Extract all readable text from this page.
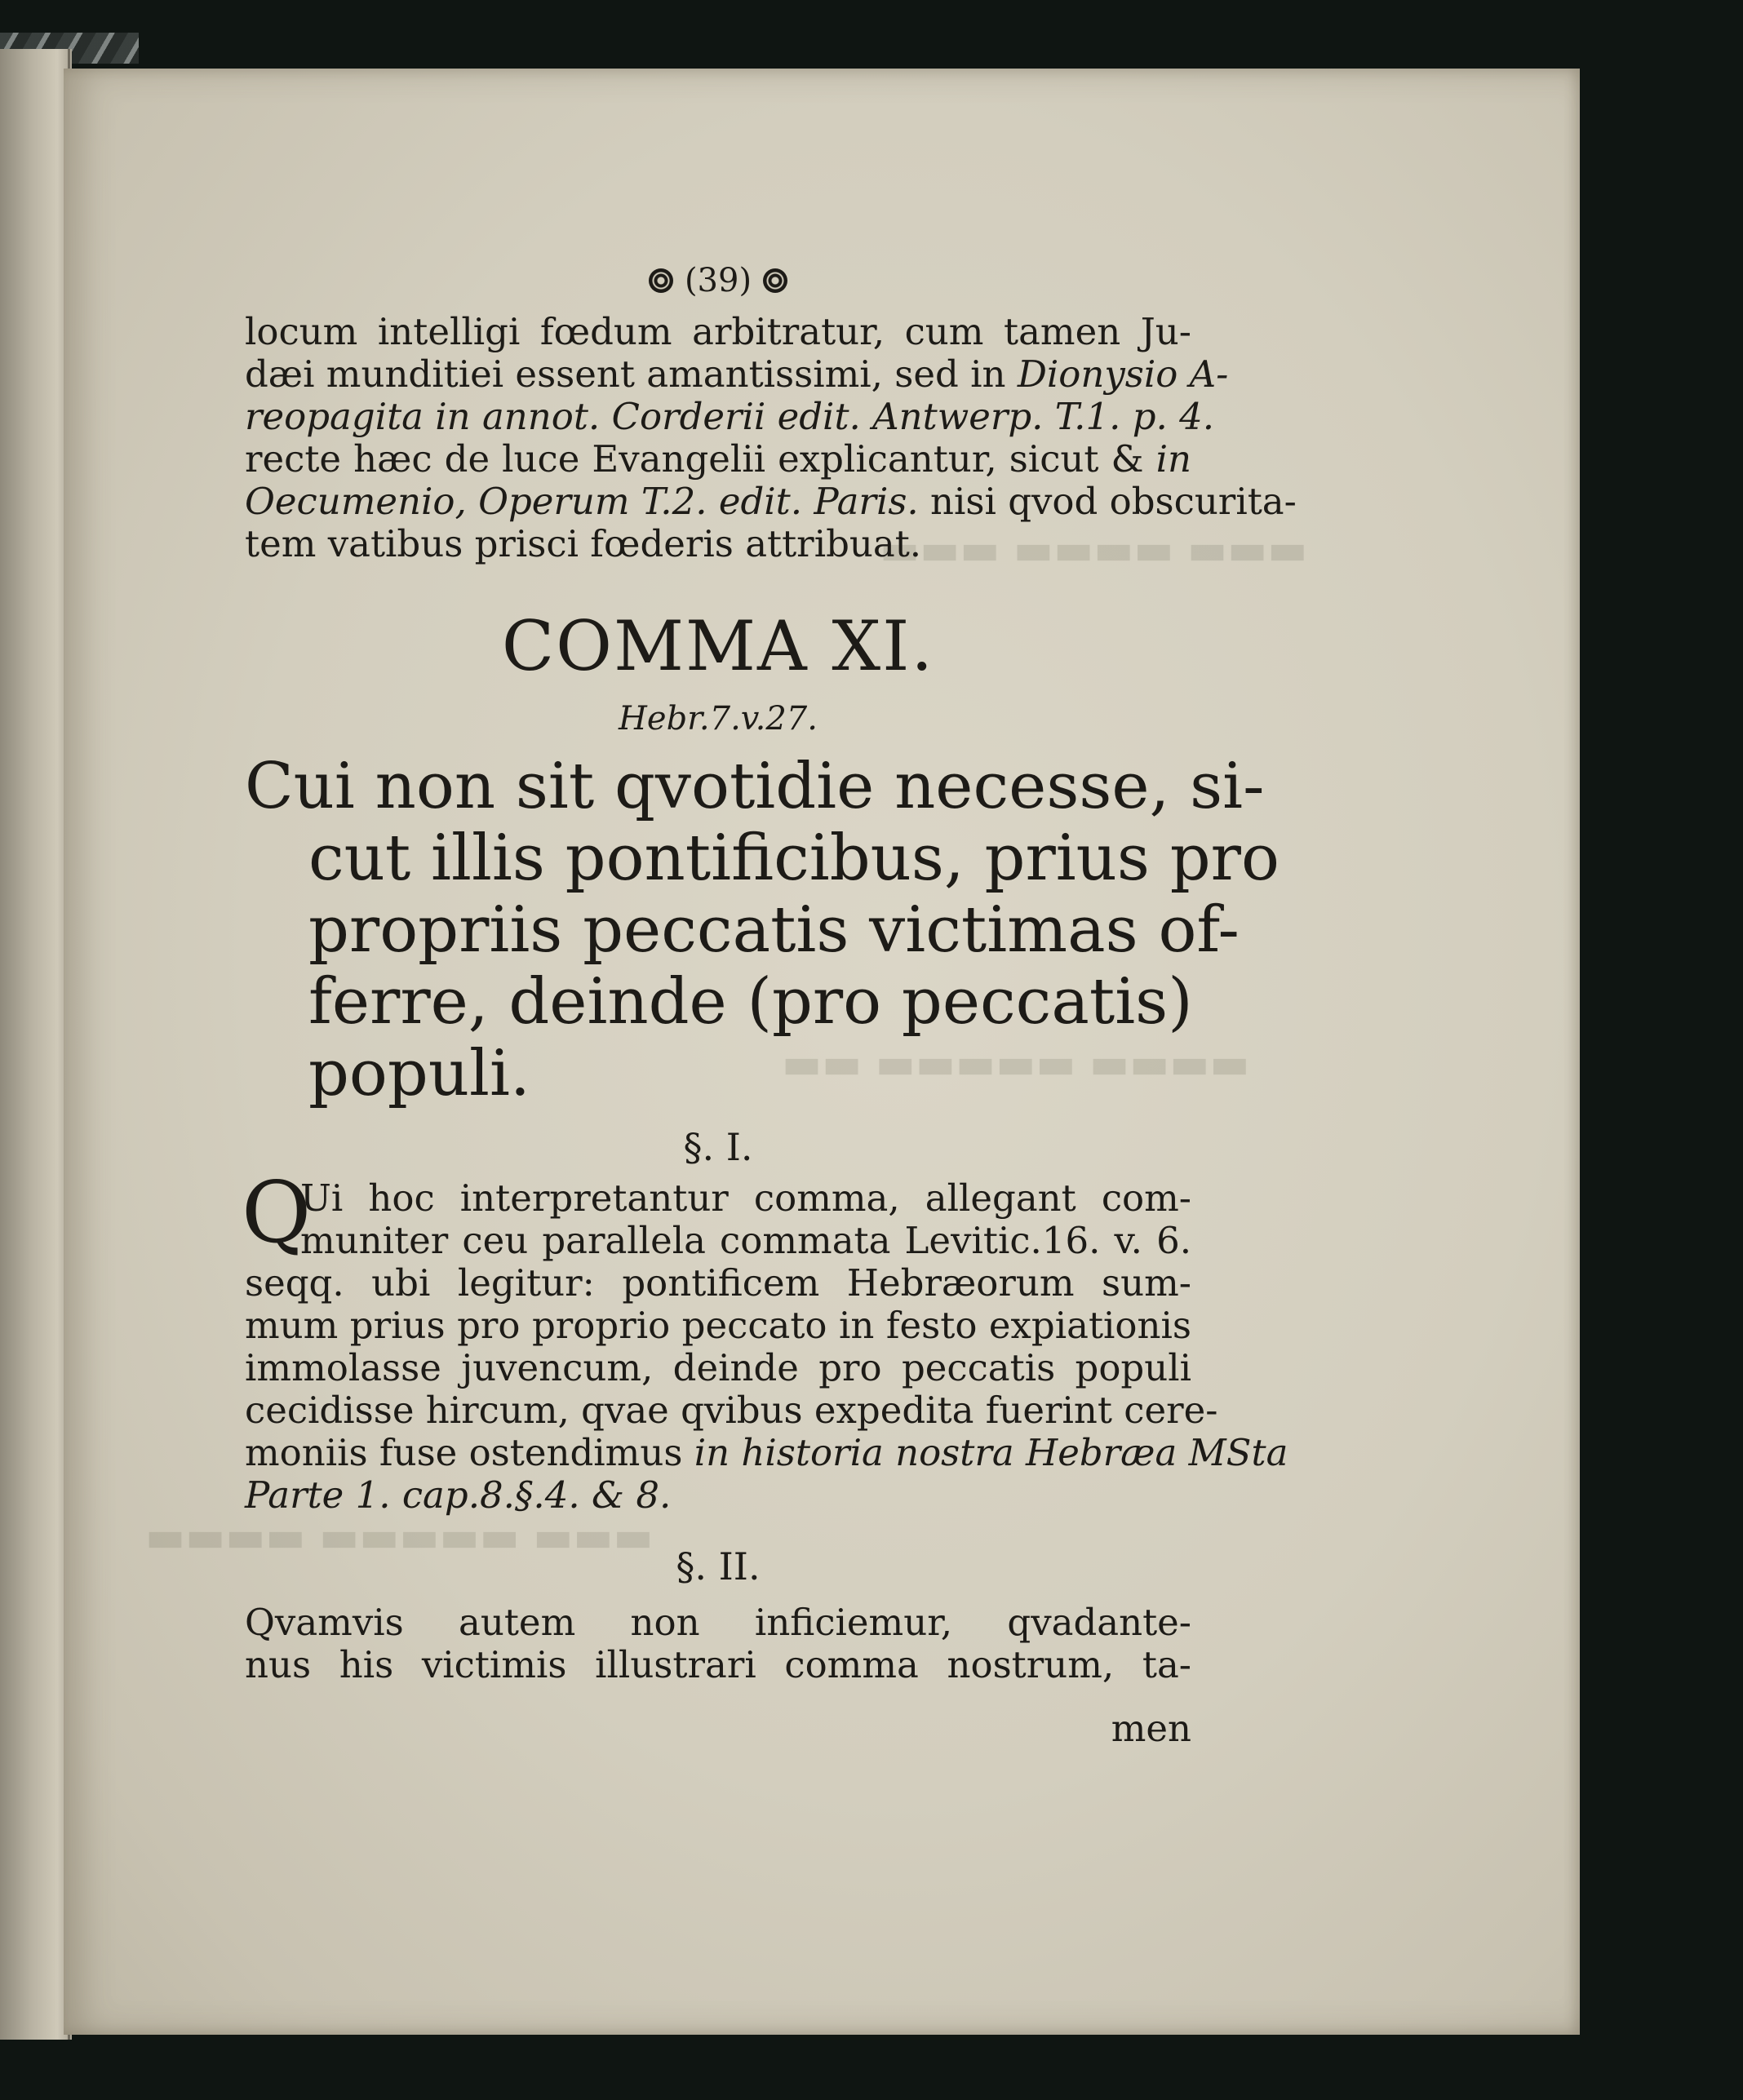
▬▬▬ ▬▬▬▬ ▬▬▬
▬▬▬▬ ▬▬▬▬▬ ▬▬
▬▬▬ ▬▬▬▬▬ ▬▬▬▬
(39)
locum intelligi fœdum arbitratur, cum tamen Ju-
dæi munditiei essent amantissimi, sed in Dionysio A-
reopagita in annot. Corderii edit. Antwerp. T.1. p. 4.
recte hæc de luce Evangelii explicantur, sicut & in
Oecumenio, Operum T.2. edit. Paris. nisi qvod obscurita-
tem vatibus prisci fœderis attribuat.
COMMA XI.
Hebr.7.v.27.
Cui non sit qvotidie necesse, si-
cut illis pontificibus, prius pro
propriis peccatis victimas of-
ferre, deinde (pro peccatis)
populi.
§. I.
Q
Ui hoc interpretantur comma, allegant com-
muniter ceu parallela commata Levitic.16. v. 6.
seqq. ubi legitur: pontificem Hebræorum sum-
mum prius pro proprio peccato in festo expiationis
immolasse juvencum, deinde pro peccatis populi
cecidisse hircum, qvae qvibus expedita fuerint cere-
moniis fuse ostendimus in historia nostra Hebræa MSta
Parte 1. cap.8.§.4. & 8.
§. II.
Qvamvis autem non inficiemur, qvadante-
nus his victimis illustrari comma nostrum, ta-
men
